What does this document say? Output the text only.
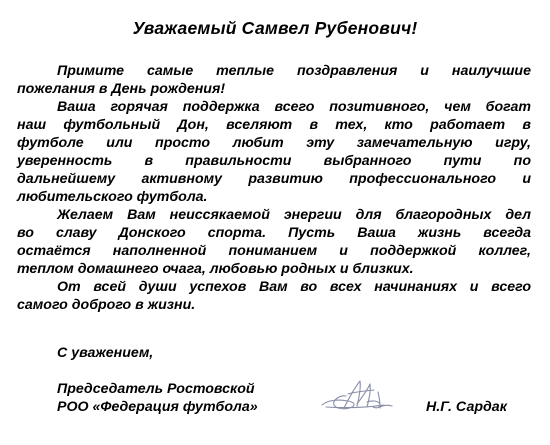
Уважаемый Самвел Рубенович!
Примите самые теплые поздравления и наилучшие
пожелания в День рождения!
Ваша горячая поддержка всего позитивного, чем богат
наш футбольный Дон, вселяют в тех, кто работает в
футболе или просто любит эту замечательную игру,
уверенность в правильности выбранного пути по
дальнейшему активному развитию профессионального и
любительского футбола.
Желаем Вам неиссякаемой энергии для благородных дел
во славу Донского спорта. Пусть Ваша жизнь всегда
остаётся наполненной пониманием и поддержкой коллег,
теплом домашнего очага, любовью родных и близких.
От всей души успехов Вам во всех начинаниях и всего
самого доброго в жизни.
С уважением,
Председатель Ростовской
РОО «Федерация футбола»	Н.Г. Сардак
